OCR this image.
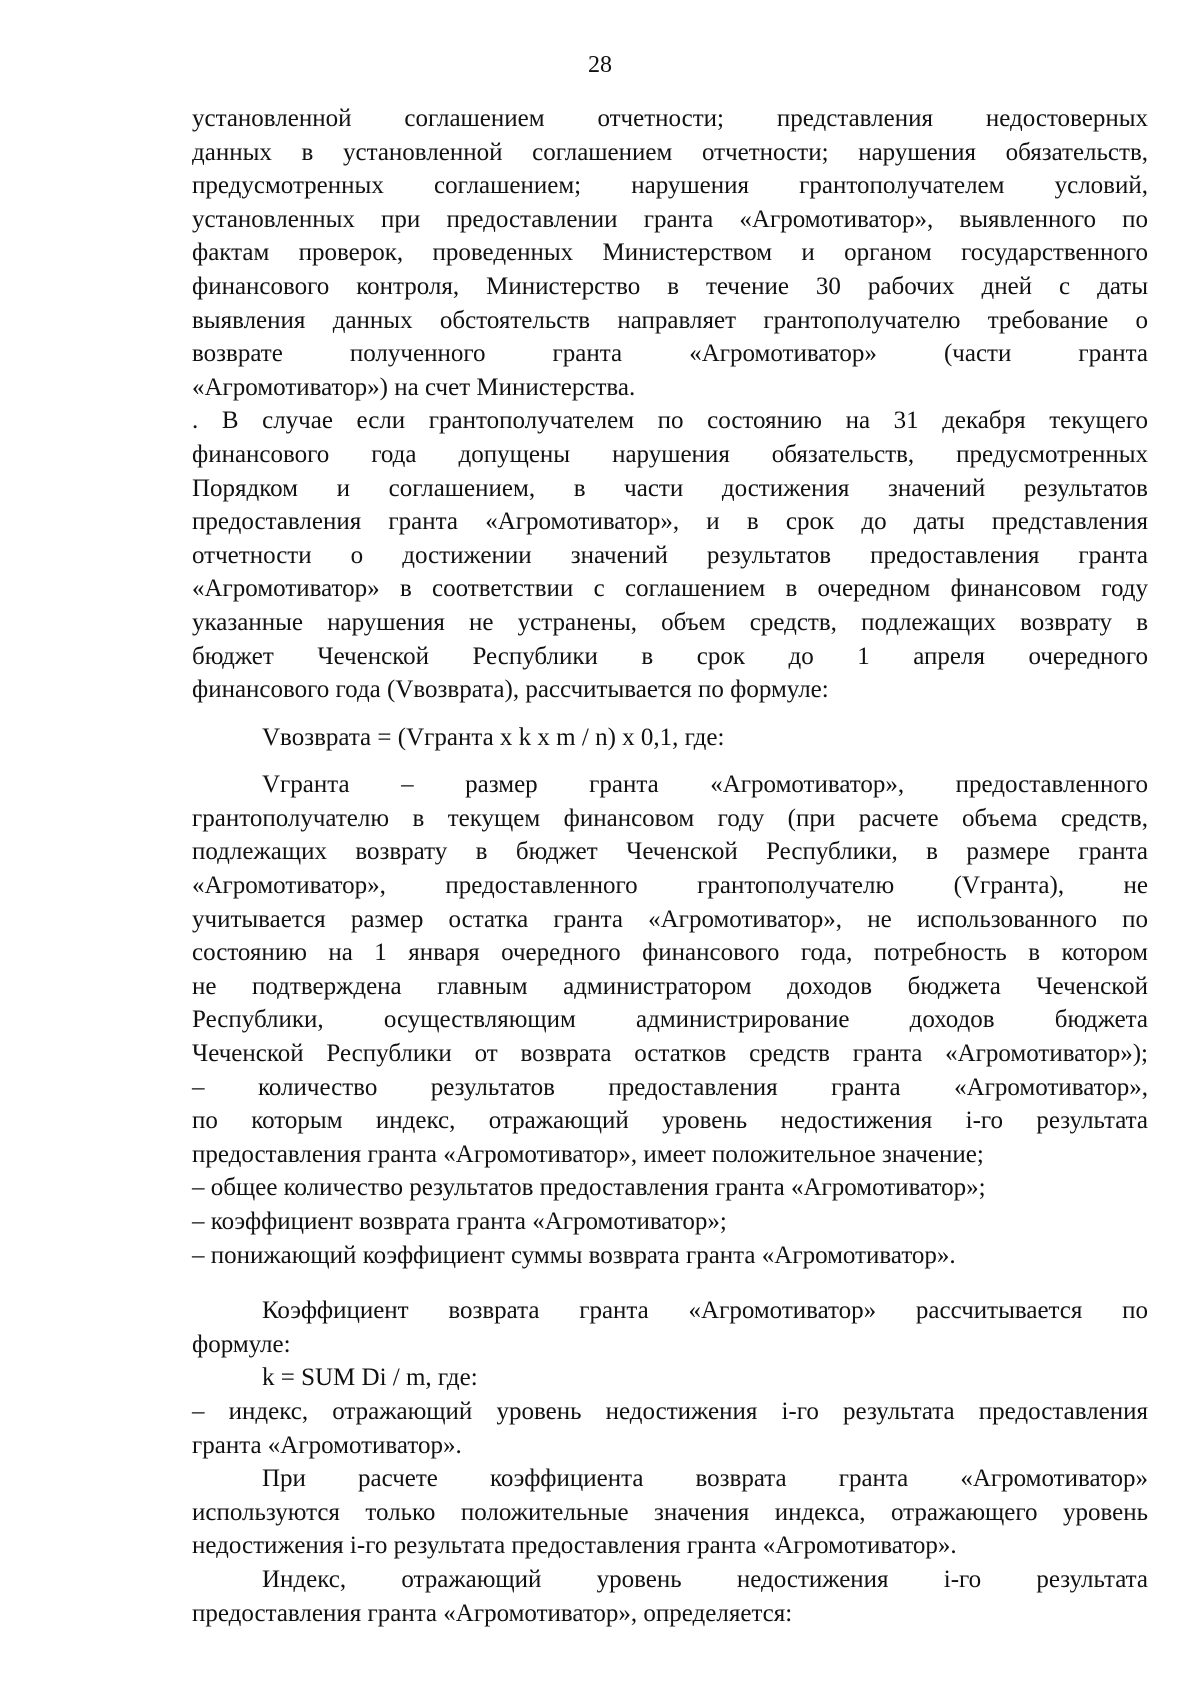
28
установленной соглашением отчетности; представления недостоверных
данных в установленной соглашением отчетности; нарушения обязательств,
предусмотренных соглашением; нарушения грантополучателем условий,
установленных при предоставлении гранта «Агромотиватор», выявленного по
фактам проверок, проведенных Министерством и органом государственного
финансового контроля, Министерство в течение 30 рабочих дней с даты
выявления данных обстоятельств направляет грантополучателю требование о
возврате полученного гранта «Агромотиватор» (части гранта
«Агромотиватор») на счет Министерства.
. В случае если грантополучателем по состоянию на 31 декабря текущего
финансового года допущены нарушения обязательств, предусмотренных
Порядком и соглашением, в части достижения значений результатов
предоставления гранта «Агромотиватор», и в срок до даты представления
отчетности о достижении значений результатов предоставления гранта
«Агромотиватор» в соответствии с соглашением в очередном финансовом году
указанные нарушения не устранены, объем средств, подлежащих возврату в
бюджет Чеченской Республики в срок до 1 апреля очередного
финансового года (Vвозврата), рассчитывается по формуле:
Vвозврата = (Vгранта x k x m / n) x 0,1, где:
Vгранта – размер гранта «Агромотиватор», предоставленного
грантополучателю в текущем финансовом году (при расчете объема средств,
подлежащих возврату в бюджет Чеченской Республики, в размере гранта
«Агромотиватор», предоставленного грантополучателю (Vгранта), не
учитывается размер остатка гранта «Агромотиватор», не использованного по
состоянию на 1 января очередного финансового года, потребность в котором
не подтверждена главным администратором доходов бюджета Чеченской
Республики, осуществляющим администрирование доходов бюджета
Чеченской Республики от возврата остатков средств гранта «Агромотиватор»);
– количество результатов предоставления гранта «Агромотиватор»,
по которым индекс, отражающий уровень недостижения i-го результата
предоставления гранта «Агромотиватор», имеет положительное значение;
– общее количество результатов предоставления гранта «Агромотиватор»;
– коэффициент возврата гранта «Агромотиватор»;
– понижающий коэффициент суммы возврата гранта «Агромотиватор».
Коэффициент возврата гранта «Агромотиватор» рассчитывается по
формуле:
k = SUM Di / m, где:
– индекс, отражающий уровень недостижения i-го результата предоставления
гранта «Агромотиватор».
При расчете коэффициента возврата гранта «Агромотиватор»
используются только положительные значения индекса, отражающего уровень
недостижения i-го результата предоставления гранта «Агромотиватор».
Индекс, отражающий уровень недостижения i-го результата
предоставления гранта «Агромотиватор», определяется:
